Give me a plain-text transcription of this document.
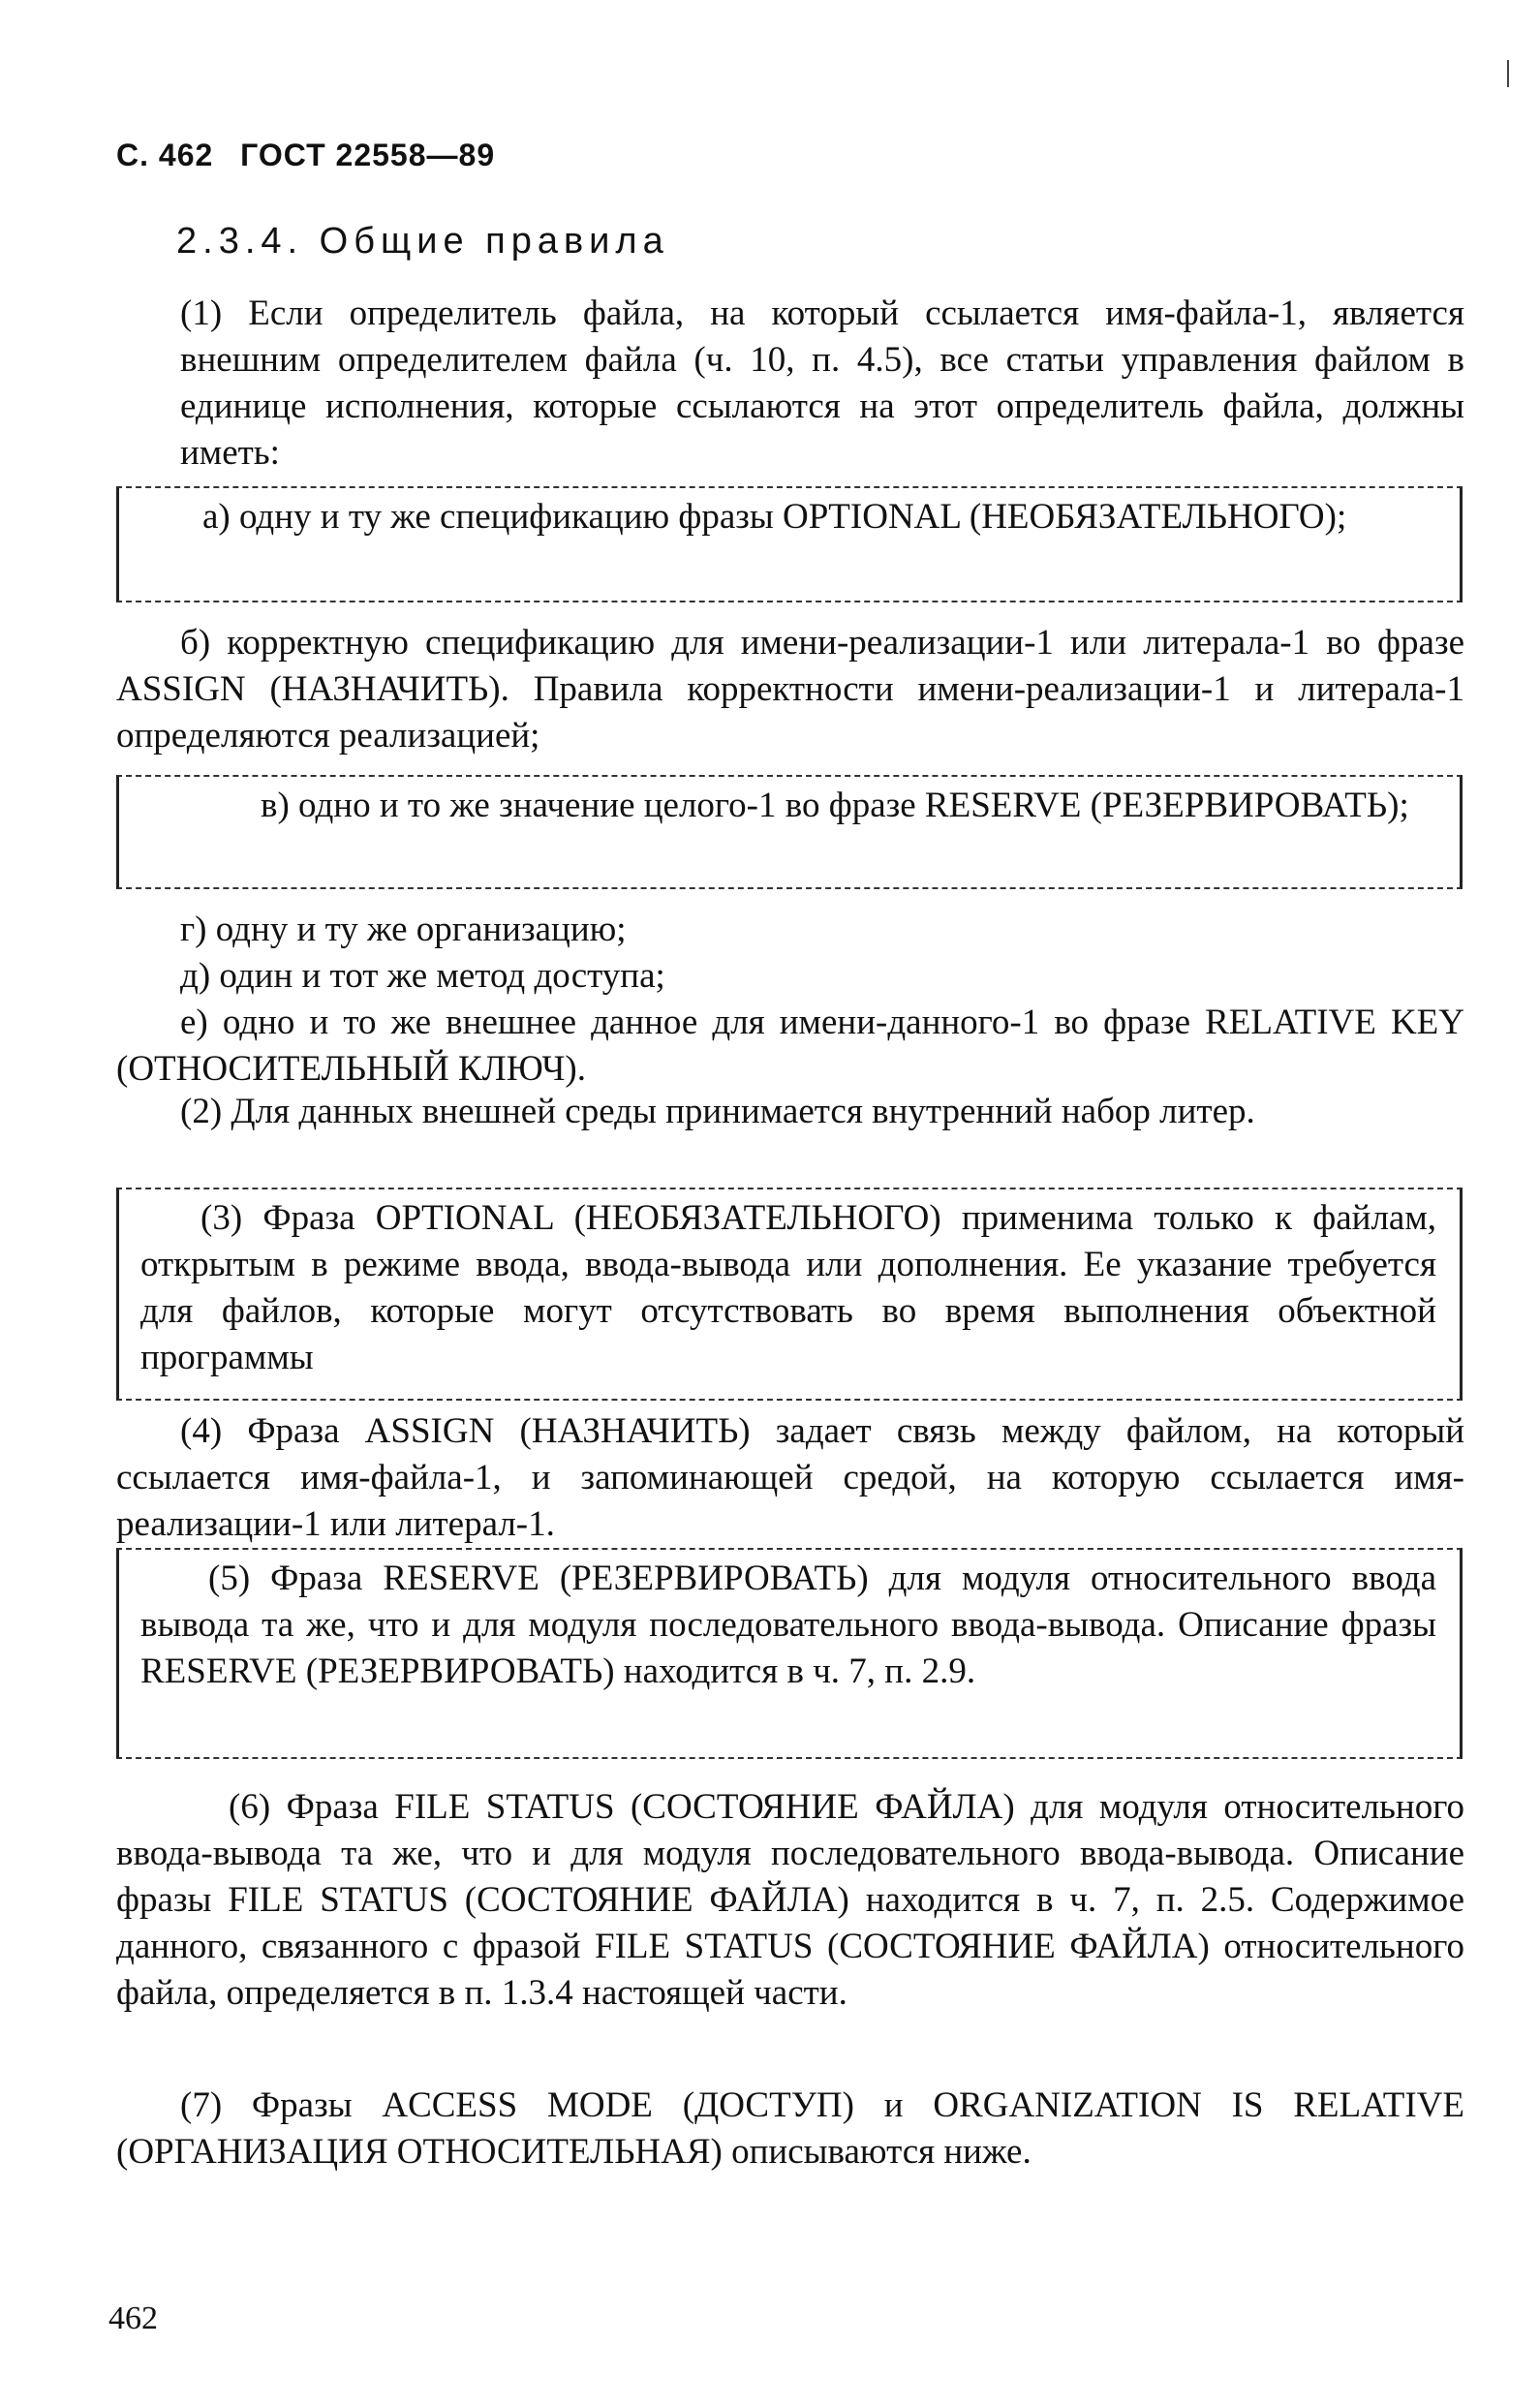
С. 462 ГОСТ 22558—89
2.3.4. Общие правила
(1) Если определитель файла, на который ссылается имя-файла-1, является внешним определителем файла (ч. 10, п. 4.5), все статьи управления файлом в единице исполнения, которые ссылаются на этот определитель файла, должны иметь:
а) одну и ту же спецификацию фразы OPTIONAL (НЕОБЯЗАТЕЛЬНОГО);
б) корректную спецификацию для имени-реализации-1 или литерала-1 во фразе ASSIGN (НАЗНАЧИТЬ). Правила корректности имени-реализации-1 и литерала-1 определяются реализацией;
в) одно и то же значение целого-1 во фразе RESERVE (РЕЗЕРВИРОВАТЬ);
г) одну и ту же организацию;
д) один и тот же метод доступа;
е) одно и то же внешнее данное для имени-данного-1 во фразе RELATIVE KEY (ОТНОСИТЕЛЬНЫЙ КЛЮЧ).
(2) Для данных внешней среды принимается внутренний набор литер.
(3) Фраза OPTIONAL (НЕОБЯЗАТЕЛЬНОГО) применима только к файлам, открытым в режиме ввода, ввода-вывода или дополнения. Ее указание требуется для файлов, которые могут отсутствовать во время выполнения объектной программы
(4) Фраза ASSIGN (НАЗНАЧИТЬ) задает связь между файлом, на который ссылается имя-файла-1, и запоминающей средой, на которую ссылается имя-реализации-1 или литерал-1.
(5) Фраза RESERVE (РЕЗЕРВИРОВАТЬ) для модуля относительного ввода вывода та же, что и для модуля последовательного ввода-вывода. Описание фразы RESERVE (РЕЗЕРВИРОВАТЬ) находится в ч. 7, п. 2.9.
(6) Фраза FILE STATUS (СОСТОЯНИЕ ФАЙЛА) для модуля относительного ввода-вывода та же, что и для модуля последовательного ввода-вывода. Описание фразы FILE STATUS (СОСТОЯНИЕ ФАЙЛА) находится в ч. 7, п. 2.5. Содержимое данного, связанного с фразой FILE STATUS (СОСТОЯНИЕ ФАЙЛА) относительного файла, определяется в п. 1.3.4 настоящей части.
(7) Фразы ACCESS MODE (ДОСТУП) и ORGANIZATION IS RELATIVE (ОРГАНИЗАЦИЯ ОТНОСИТЕЛЬНАЯ) описываются ниже.
462
